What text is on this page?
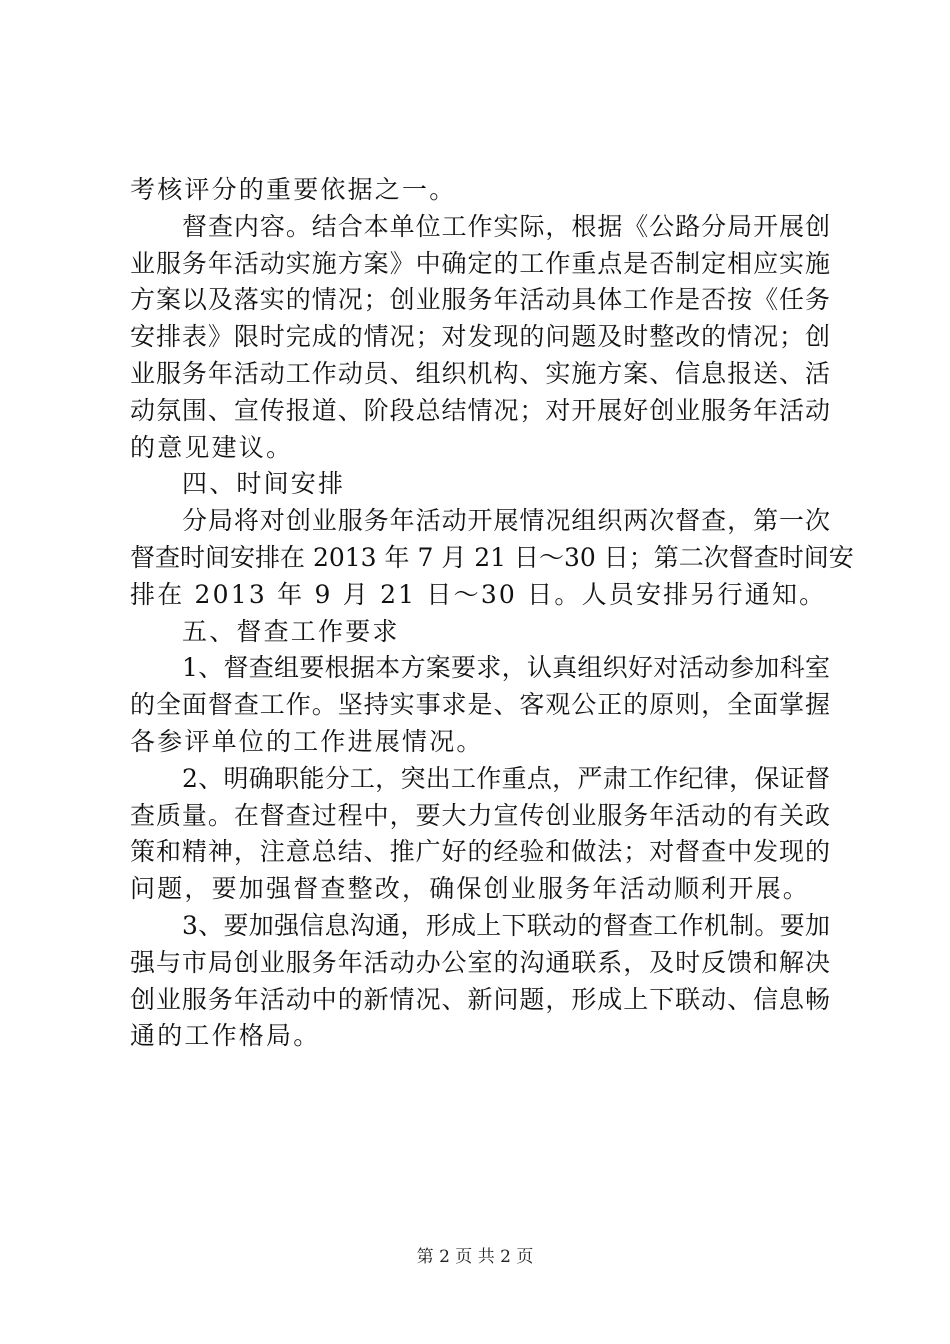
考核评分的重要依据之一。
督查内容。结合本单位工作实际，根据《公路分局开展创
业服务年活动实施方案》中确定的工作重点是否制定相应实施
方案以及落实的情况；创业服务年活动具体工作是否按《任务
安排表》限时完成的情况；对发现的问题及时整改的情况；创
业服务年活动工作动员、组织机构、实施方案、信息报送、活
动氛围、宣传报道、阶段总结情况；对开展好创业服务年活动
的意见建议。
四、时间安排
分局将对创业服务年活动开展情况组织两次督查，第一次
督查时间安排在 2013 年 7 月 21 日～30 日；第二次督查时间安
排在 2013 年 9 月 21 日～30 日。人员安排另行通知。
五、督查工作要求
1、督查组要根据本方案要求，认真组织好对活动参加科室
的全面督查工作。坚持实事求是、客观公正的原则，全面掌握
各参评单位的工作进展情况。
2、明确职能分工，突出工作重点，严肃工作纪律，保证督
查质量。在督查过程中，要大力宣传创业服务年活动的有关政
策和精神，注意总结、推广好的经验和做法；对督查中发现的
问题，要加强督查整改，确保创业服务年活动顺利开展。
3、要加强信息沟通，形成上下联动的督查工作机制。要加
强与市局创业服务年活动办公室的沟通联系，及时反馈和解决
创业服务年活动中的新情况、新问题，形成上下联动、信息畅
通的工作格局。
第 2 页 共 2 页
